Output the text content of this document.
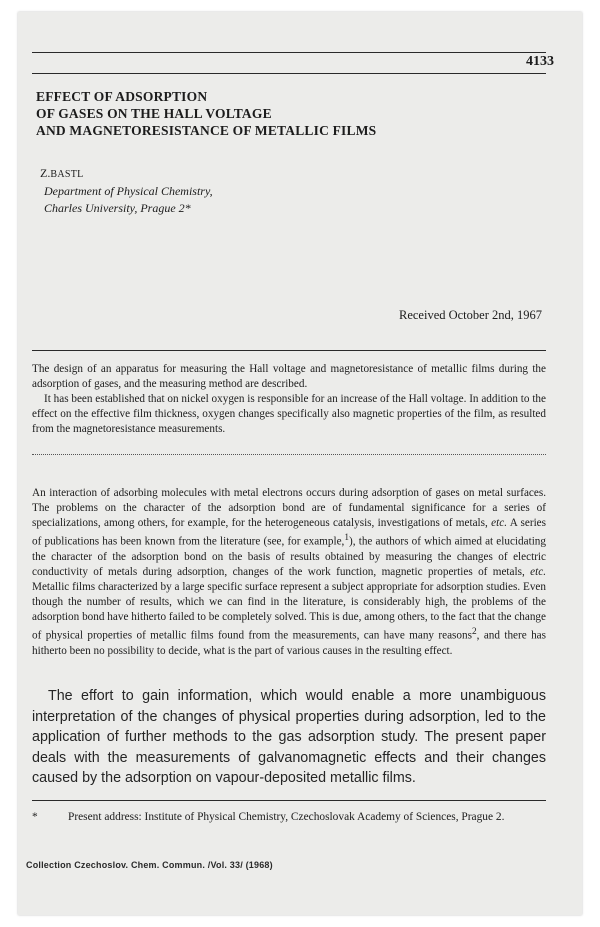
4133
EFFECT OF ADSORPTION
OF GASES ON THE HALL VOLTAGE
AND MAGNETORESISTANCE OF METALLIC FILMS
Z.BASTL
Department of Physical Chemistry,
Charles University, Prague 2*
Received October 2nd, 1967

The design of an apparatus for measuring the Hall voltage and magnetoresistance of metallic films during the adsorption of gases, and the measuring method are described.

It has been established that on nickel oxygen is responsible for an increase of the Hall voltage. In addition to the effect on the effective film thickness, oxygen changes specifically also magnetic properties of the film, as resulted from the magnetoresistance measurements.

An interaction of adsorbing molecules with metal electrons occurs during adsorption of gases on metal surfaces. The problems on the character of the adsorption bond are of fundamental significance for a series of specializations, among others, for example, for the heterogeneous catalysis, investigations of metals, etc. A series of publications has been known from the literature (see, for example,$^1$), the authors of which aimed at elucidating the character of the adsorption bond on the basis of results obtained by measuring the changes of electric conductivity of metals during adsorption, changes of the work function, magnetic properties of metals, etc. Metallic films characterized by a large specific surface represent a subject appropriate for adsorption studies. Even though the number of results, which we can find in the literature, is considerably high, the problems of the adsorption bond have hitherto failed to be completely solved. This is due, among others, to the fact that the change of physical properties of metallic films found from the measurements, can have many reasons$^2$, and there has hitherto been no possibility to decide, what is the part of various causes in the resulting effect.

The effort to gain information, which would enable a more unambiguous interpretation of the changes of physical properties during adsorption, led to the application of further methods to the gas adsorption study. The present paper deals with the measurements of galvanomagnetic effects and their changes caused by the adsorption on vapour-deposited metallic films.

*	Present address: Institute of Physical Chemistry, Czechoslovak Academy of Sciences, Prague 2.
Collection Czechoslov. Chem. Commun. /Vol. 33/ (1968)
